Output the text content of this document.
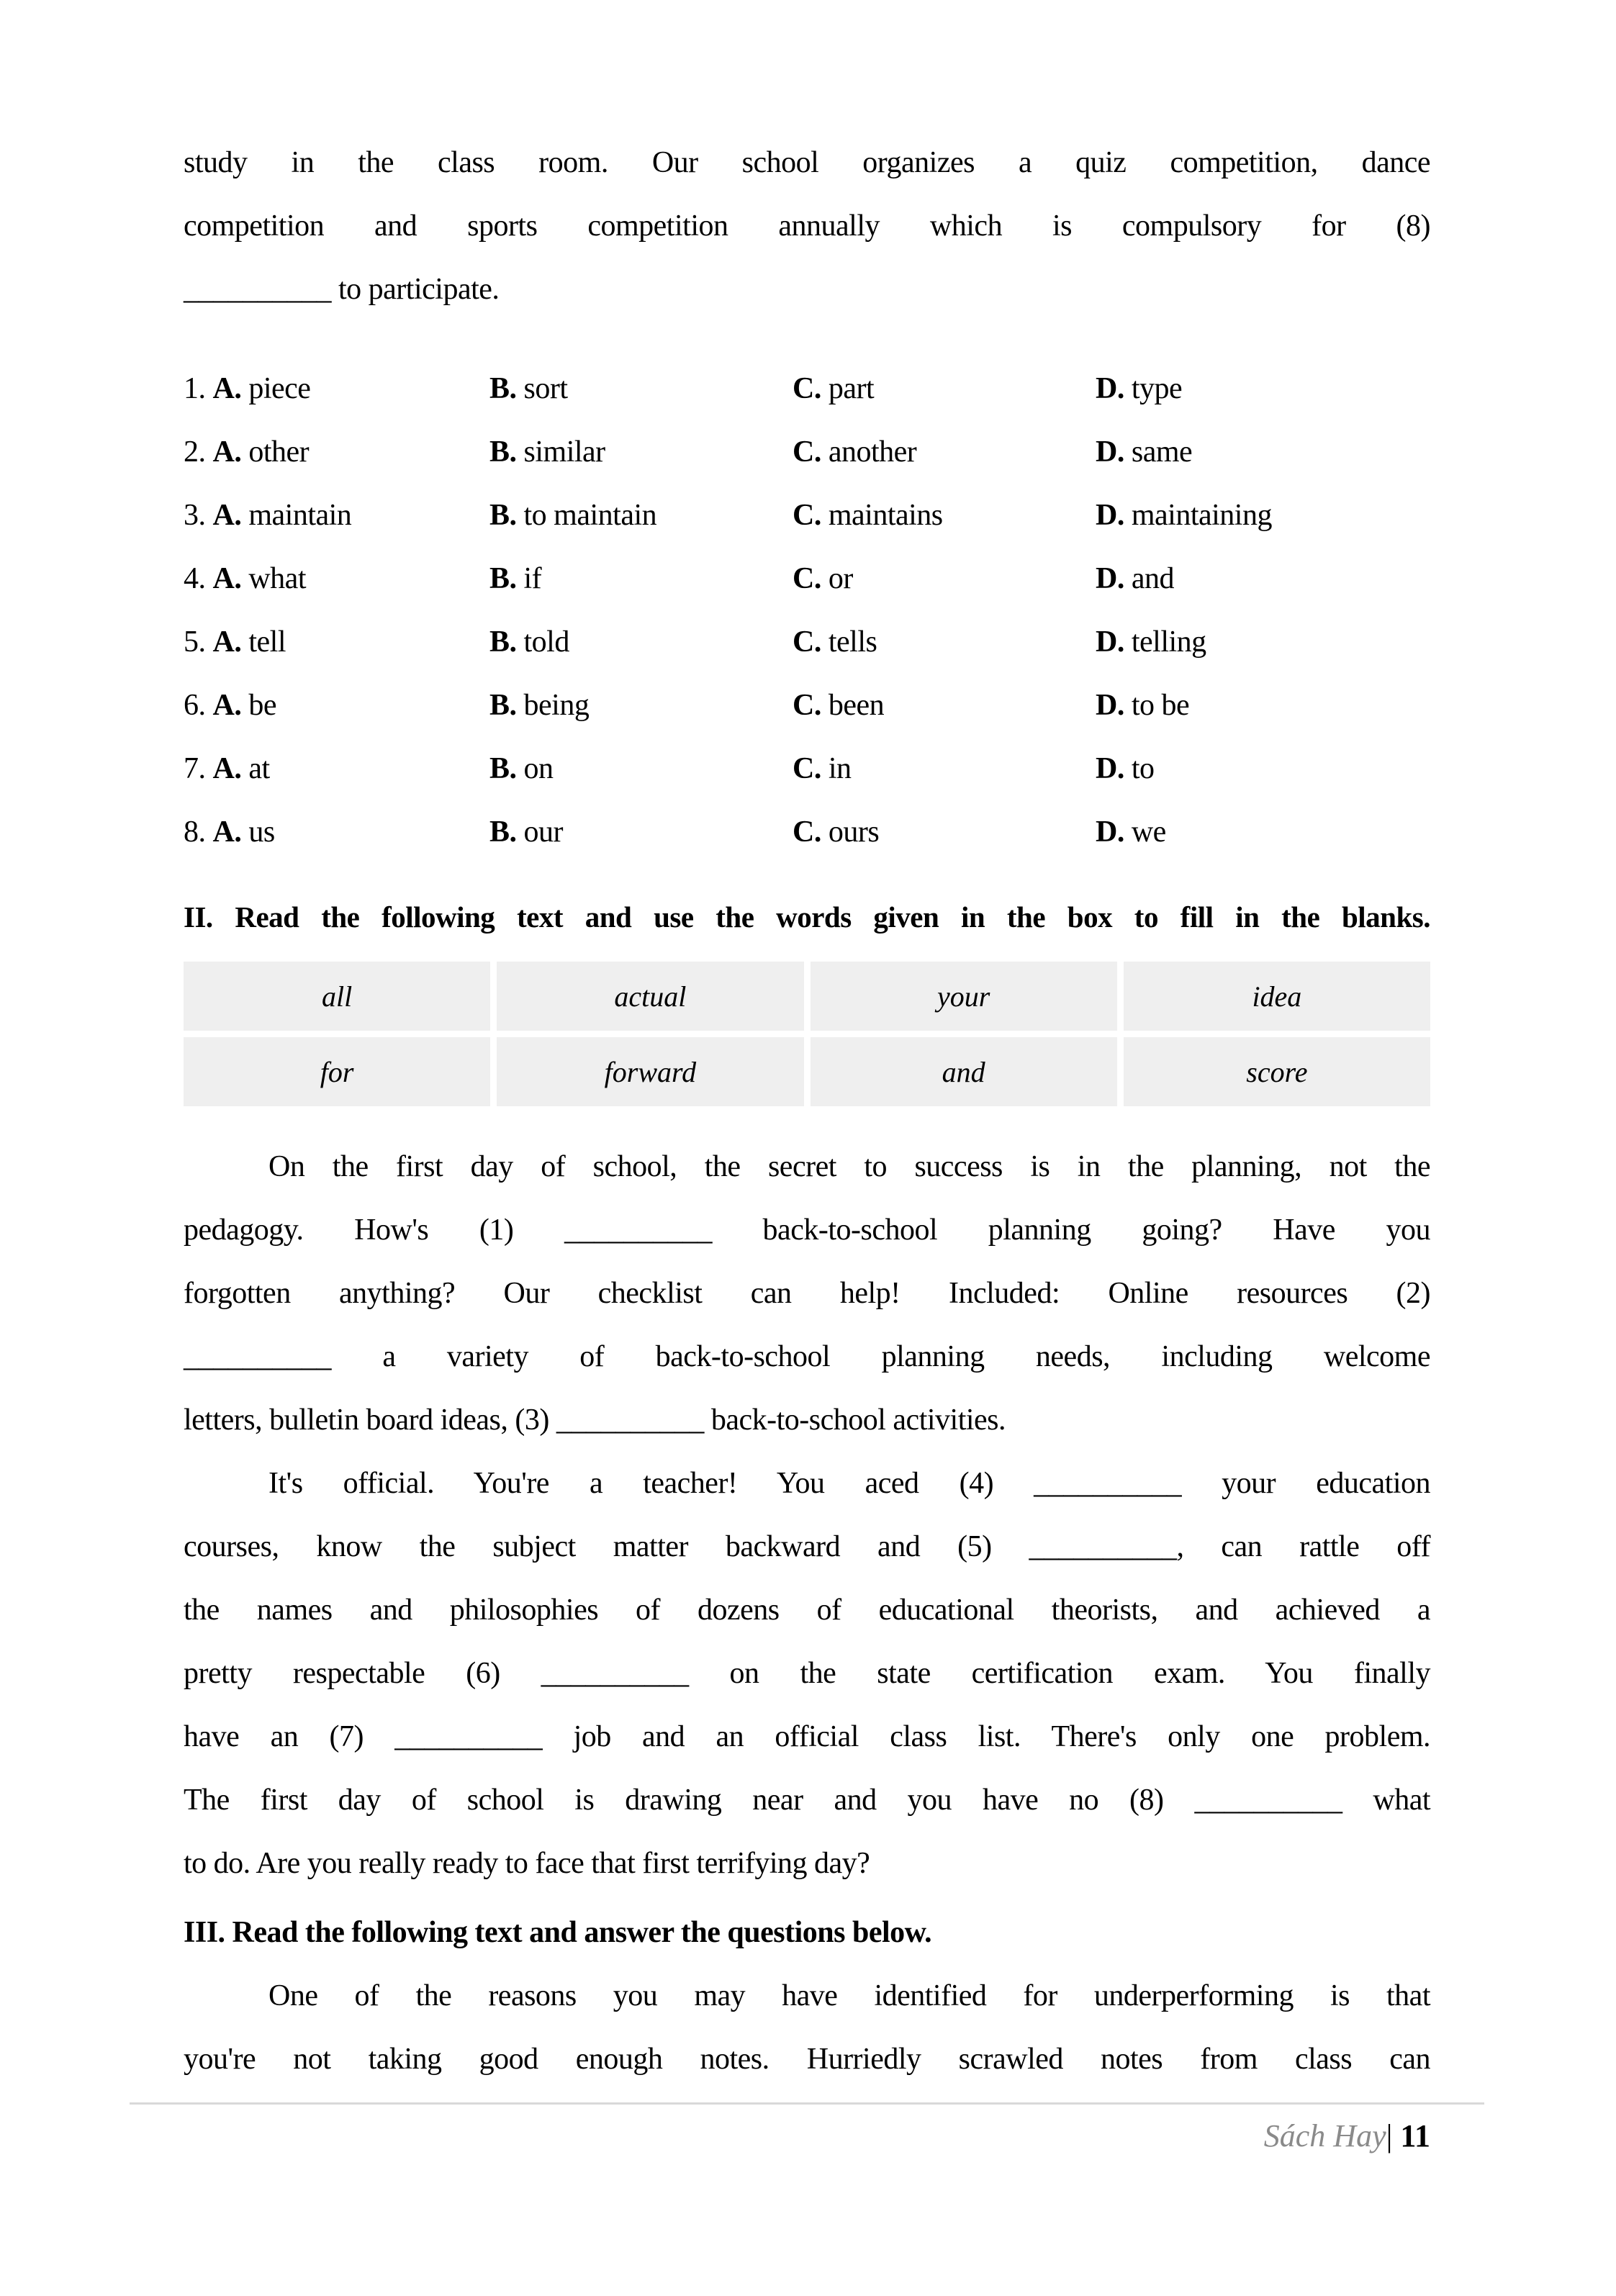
study in the class room. Our school organizes a quiz competition, dance
competition and sports competition annually which is compulsory for (8)
__________ to participate.
1. A. piece	B. sort	C. part	D. type
2. A. other	B. similar	C. another	D. same
3. A. maintain	B. to maintain	C. maintains	D. maintaining
4. A. what	B. if	C. or	D. and
5. A. tell	B. told	C. tells	D. telling
6. A. be	B. being	C. been	D. to be
7. A. at	B. on	C. in	D. to
8. A. us	B. our	C. ours	D. we
II. Read the following text and use the words given in the box to fill in the blanks.
all	actual	your	idea
for	forward	and	score
On the first day of school, the secret to success is in the planning, not the
pedagogy. How's (1) __________ back-to-school planning going? Have you
forgotten anything? Our checklist can help! Included: Online resources (2)
__________ a variety of back-to-school planning needs, including welcome
letters, bulletin board ideas, (3) __________ back-to-school activities.
It's official. You're a teacher! You aced (4) __________ your education
courses, know the subject matter backward and (5) __________, can rattle off
the names and philosophies of dozens of educational theorists, and achieved a
pretty respectable (6) __________ on the state certification exam. You finally
have an (7) __________ job and an official class list. There's only one problem.
The first day of school is drawing near and you have no (8) __________ what
to do. Are you really ready to face that first terrifying day?
III. Read the following text and answer the questions below.
One of the reasons you may have identified for underperforming is that
you're not taking good enough notes. Hurriedly scrawled notes from class can
Sách Hay| 11
